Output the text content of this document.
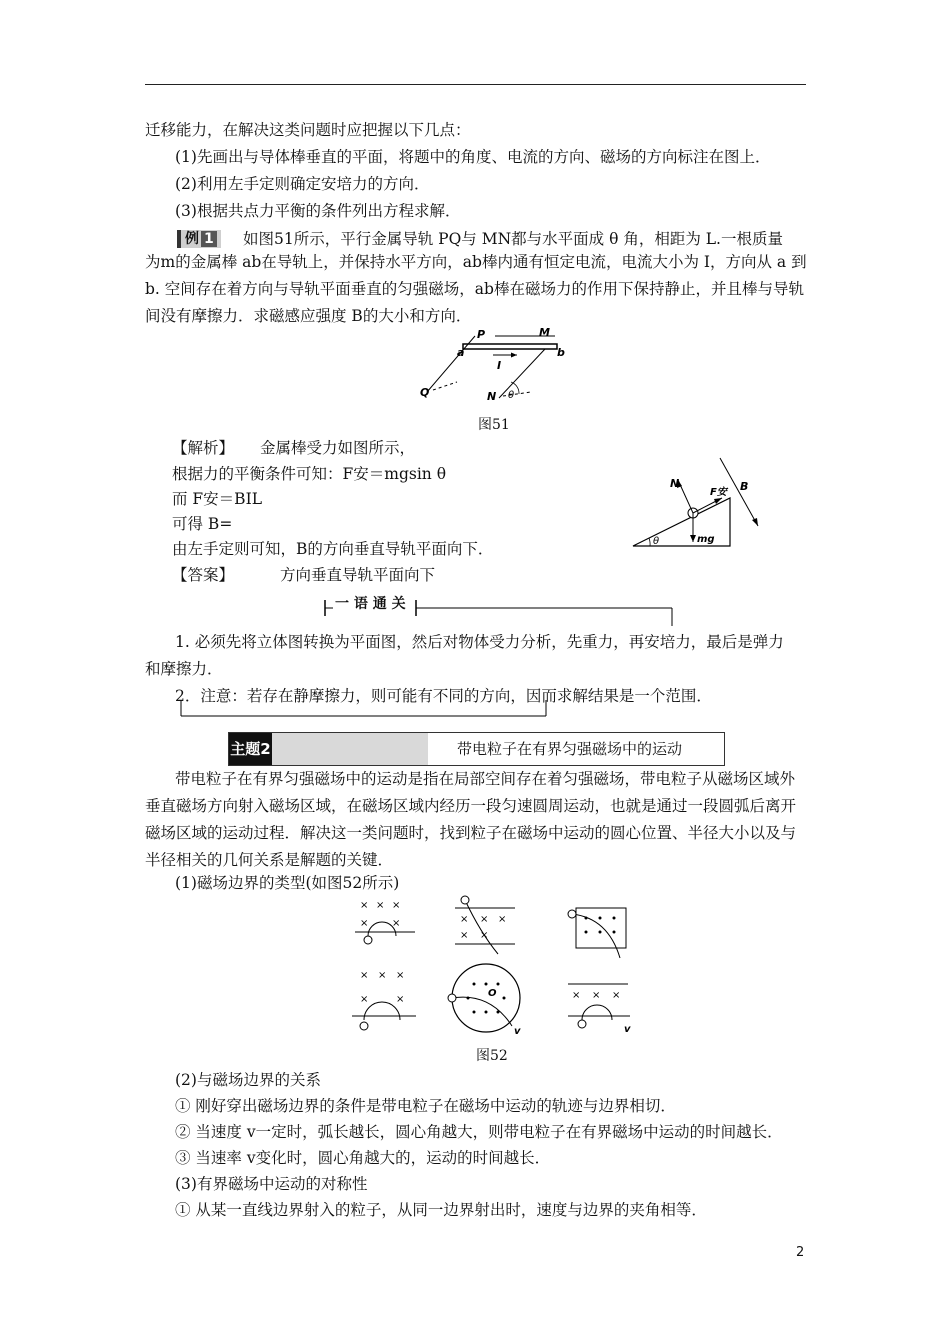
迁移能力，在解决这类问题时应把握以下几点：
(1)先画出与导体棒垂直的平面，将题中的角度、电流的方向、磁场的方向标注在图上．
(2)利用左手定则确定安培力的方向．
(3)根据共点力平衡的条件列出方程求解．
例 1	如图51所示，平行金属导轨 PQ与 MN都与水平面成 θ 角，相距为 L.一根质量
为m的金属棒 ab在导轨上，并保持水平方向，ab棒内通有恒定电流，电流大小为 I，方向从 a 到 b. 空间存在着方向与导轨平面垂直的匀强磁场，ab棒在磁场力的作用下保持静止，并且棒与导轨间没有摩擦力．求磁感应强度 B的大小和方向．
P	M
a	b
I
Q	N θ
图51
【解析】 金属棒受力如图所示，
根据力的平衡条件可知：F安＝mgsin θ
而 F安＝BIL
可得 B=
由左手定则可知，B的方向垂直导轨平面向下．
【答案】	方向垂直导轨平面向下
N
F安 B
mg
θ
一 语 通 关
1. 必须先将立体图转换为平面图，然后对物体受力分析，先重力，再安培力，最后是弹力
和摩擦力．
2．注意：若存在静摩擦力，则可能有不同的方向，因而求解结果是一个范围．
主题2	带电粒子在有界匀强磁场中的运动
带电粒子在有界匀强磁场中的运动是指在局部空间存在着匀强磁场，带电粒子从磁场区域外垂直磁场方向射入磁场区域，在磁场区域内经历一段匀速圆周运动，也就是通过一段圆弧后离开磁场区域的运动过程．解决这一类问题时，找到粒子在磁场中运动的圆心位置、半径大小以及与半径相关的几何关系是解题的关键．
(1)磁场边界的类型(如图52所示)
× × ×
× ×	× × ×
× ×
× × ×
×	×
O
v
× × ×
v
图52
(2)与磁场边界的关系
① 刚好穿出磁场边界的条件是带电粒子在磁场中运动的轨迹与边界相切．
② 当速度 v一定时，弧长越长，圆心角越大，则带电粒子在有界磁场中运动的时间越长．
③ 当速率 v变化时，圆心角越大的，运动的时间越长．
(3)有界磁场中运动的对称性
① 从某一直线边界射入的粒子，从同一边界射出时，速度与边界的夹角相等．
2
